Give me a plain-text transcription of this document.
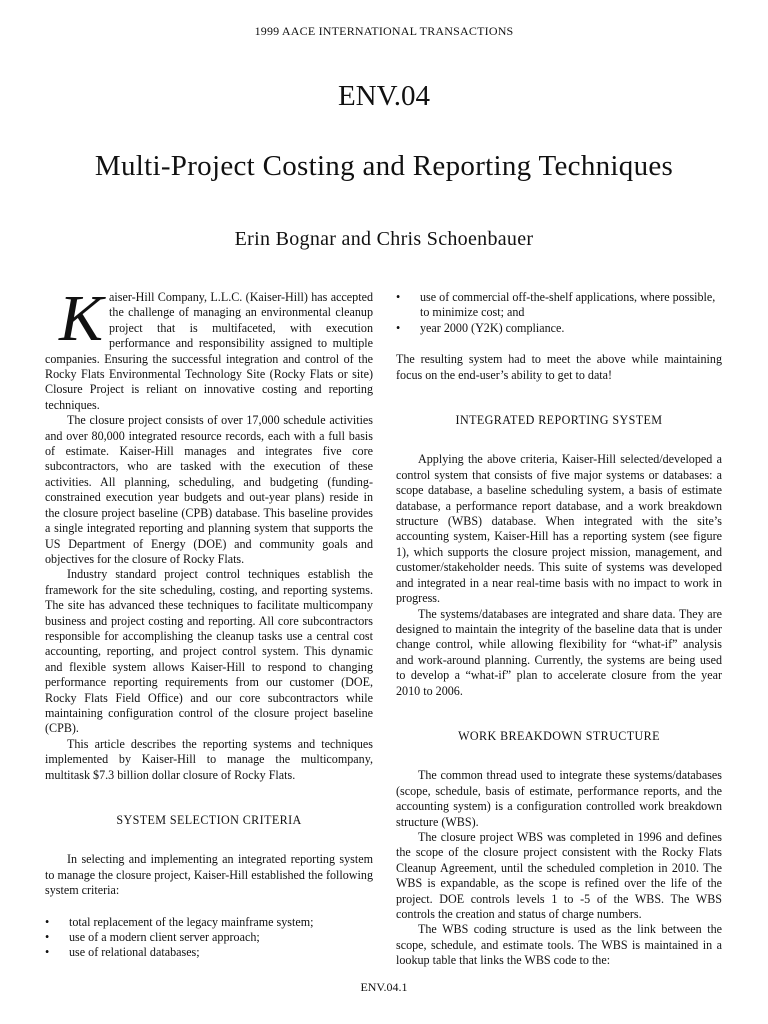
1999 AACE INTERNATIONAL TRANSACTIONS
ENV.04
Multi-Project Costing and Reporting Techniques
Erin Bognar and Chris Schoenbauer

Kaiser-Hill Company, L.L.C. (Kaiser-Hill) has accepted the challenge of managing an environmental cleanup project that is multifaceted, with execution performance and responsibility assigned to multiple companies. Ensuring the successful integration and control of the Rocky Flats Environmental Technology Site (Rocky Flats or site) Closure Project is reliant on innovative costing and reporting techniques.

The closure project consists of over 17,000 schedule activities and over 80,000 integrated resource records, each with a full basis of estimate. Kaiser-Hill manages and integrates five core subcontractors, who are tasked with the execution of these activities. All planning, scheduling, and budgeting (funding-constrained execution year budgets and out-year plans) reside in the closure project baseline (CPB) database. This baseline provides a single integrated reporting and planning system that supports the US Department of Energy (DOE) and community goals and objectives for the closure of Rocky Flats.

Industry standard project control techniques establish the framework for the site scheduling, costing, and reporting systems. The site has advanced these techniques to facilitate multicompany business and project costing and reporting. All core subcontractors responsible for accomplishing the cleanup tasks use a central cost accounting, reporting, and project control system. This dynamic and flexible system allows Kaiser-Hill to respond to changing performance reporting requirements from our customer (DOE, Rocky Flats Field Office) and our core subcontractors while maintaining configuration control of the closure project baseline (CPB).

This article describes the reporting systems and techniques implemented by Kaiser-Hill to manage the multicompany, multitask $7.3 billion dollar closure of Rocky Flats.

SYSTEM SELECTION CRITERIA

In selecting and implementing an integrated reporting system to manage the closure project, Kaiser-Hill established the following system criteria:

• total replacement of the legacy mainframe system;
• use of a modern client server approach;
• use of relational databases;
• use of commercial off-the-shelf applications, where possible, to minimize cost; and
• year 2000 (Y2K) compliance.

The resulting system had to meet the above while maintaining focus on the end-user’s ability to get to data!

INTEGRATED REPORTING SYSTEM

Applying the above criteria, Kaiser-Hill selected/developed a control system that consists of five major systems or databases: a scope database, a baseline scheduling system, a basis of estimate database, a performance report database, and a work breakdown structure (WBS) database. When integrated with the site’s accounting system, Kaiser-Hill has a reporting system (see figure 1), which supports the closure project mission, management, and customer/stakeholder needs. This suite of systems was developed and integrated in a near real-time basis with no impact to work in progress.

The systems/databases are integrated and share data. They are designed to maintain the integrity of the baseline data that is under change control, while allowing flexibility for “what-if” analysis and work-around planning. Currently, the systems are being used to develop a “what-if” plan to accelerate closure from the year 2010 to 2006.

WORK BREAKDOWN STRUCTURE

The common thread used to integrate these systems/databases (scope, schedule, basis of estimate, performance reports, and the accounting system) is a configuration controlled work breakdown structure (WBS).

The closure project WBS was completed in 1996 and defines the scope of the closure project consistent with the Rocky Flats Cleanup Agreement, until the scheduled completion in 2010. The WBS is expandable, as the scope is refined over the life of the project. DOE controls levels 1 to -5 of the WBS. The WBS controls the creation and status of charge numbers.

The WBS coding structure is used as the link between the scope, schedule, and estimate tools. The WBS is maintained in a lookup table that links the WBS code to the:

ENV.04.1
